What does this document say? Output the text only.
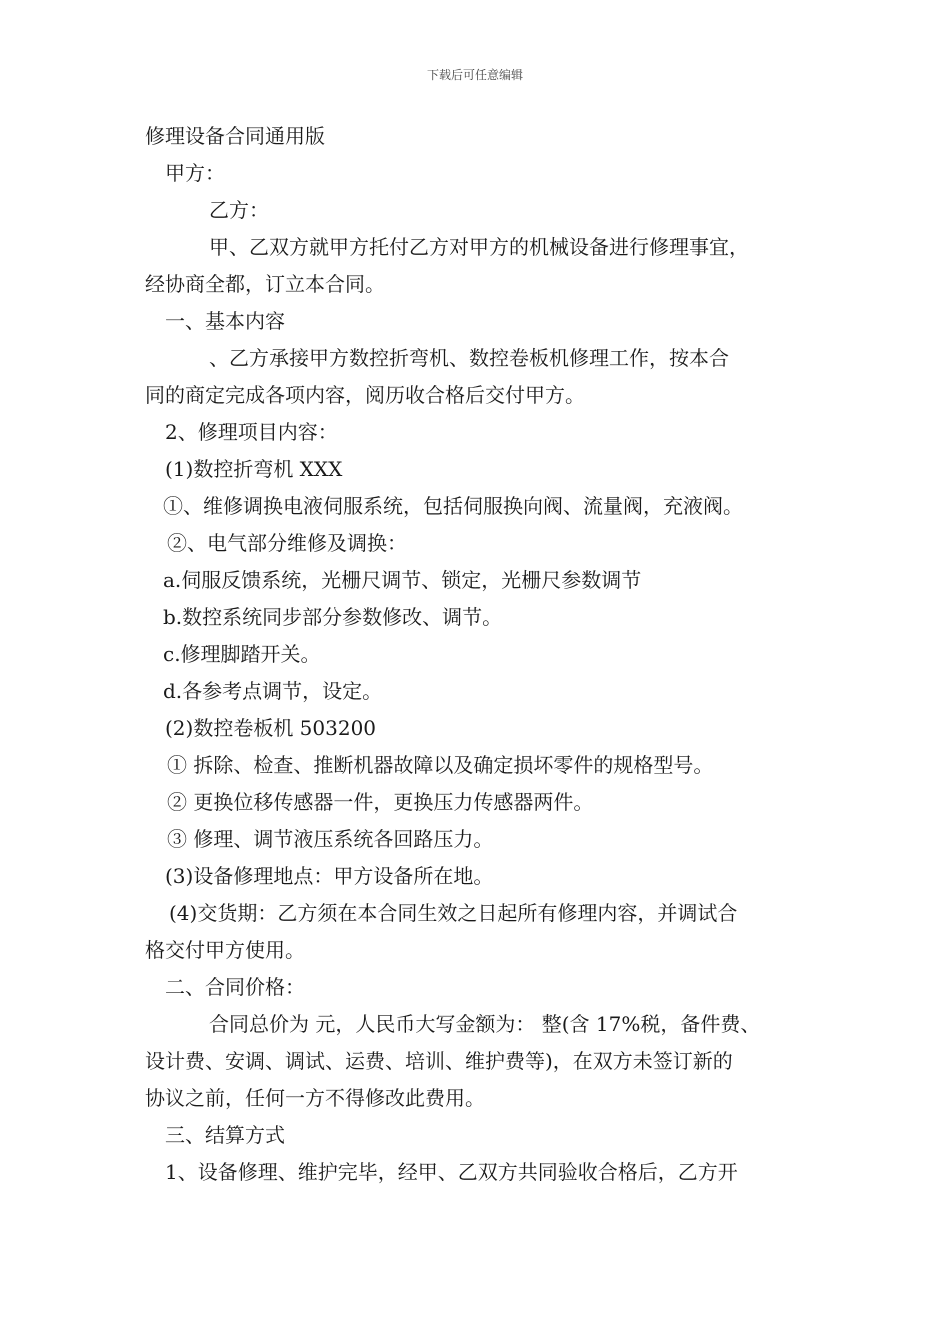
下载后可任意编辑
修理设备合同通用版
甲方：
乙方：
甲、乙双方就甲方托付乙方对甲方的机械设备进行修理事宜，
经协商全都，订立本合同。
一、基本内容
、乙方承接甲方数控折弯机、数控卷板机修理工作，按本合
同的商定完成各项内容，阅历收合格后交付甲方。
2、修理项目内容：
(1)数控折弯机 XXX
①、维修调换电液伺服系统，包括伺服换向阀、流量阀，充液阀。
②、电气部分维修及调换：
a.伺服反馈系统，光栅尺调节、锁定，光栅尺参数调节
b.数控系统同步部分参数修改、调节。
c.修理脚踏开关。
d.各参考点调节，设定。
(2)数控卷板机 503200
① 拆除、检查、推断机器故障以及确定损坏零件的规格型号。
② 更换位移传感器一件，更换压力传感器两件。
③ 修理、调节液压系统各回路压力。
(3)设备修理地点：甲方设备所在地。
(4)交货期：乙方须在本合同生效之日起所有修理内容，并调试合
格交付甲方使用。
二、合同价格：
合同总价为 元，人民币大写金额为： 整(含 17%税，备件费、
设计费、安调、调试、运费、培训、维护费等)，在双方未签订新的
协议之前，任何一方不得修改此费用。
三、结算方式
1、设备修理、维护完毕，经甲、乙双方共同验收合格后，乙方开
